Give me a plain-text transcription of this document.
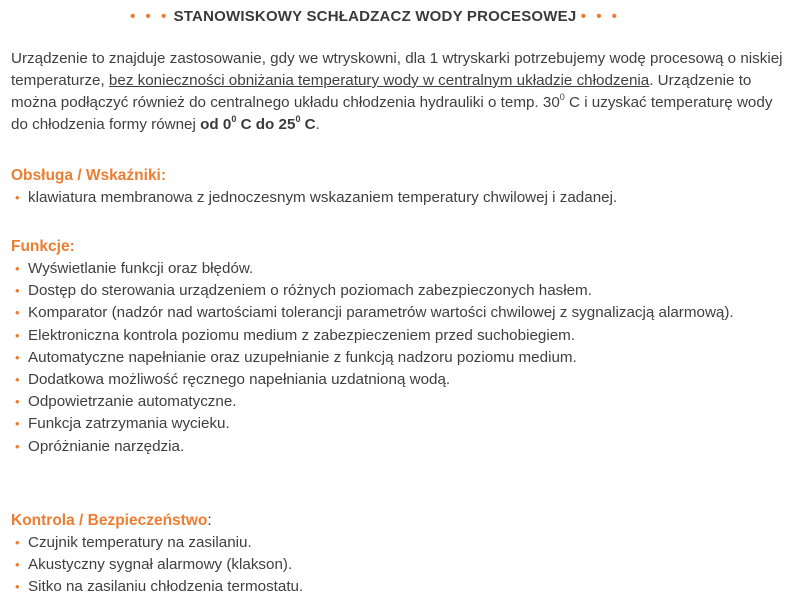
• • • STANOWISKOWY SCHŁADZACZ WODY PROCESOWEJ • • •
Urządzenie to znajduje zastosowanie, gdy we wtryskowni, dla 1 wtryskarki potrzebujemy wodę procesową o niskiej temperaturze, bez konieczności obniżania temperatury wody w centralnym układzie chłodzenia. Urządzenie to można podłączyć również do centralnego układu chłodzenia hydrauliki o temp. $30^0$ C i uzyskać temperaturę wody do chłodzenia formy równej od $0^0$ C do $25^0$ C.
Obsługa / Wskaźniki:
• klawiatura membranowa z jednoczesnym wskazaniem temperatury chwilowej i zadanej.
Funkcje:
• Wyświetlanie funkcji oraz błędów.
• Dostęp do sterowania urządzeniem o różnych poziomach zabezpieczonych hasłem.
• Komparator (nadzór nad wartościami tolerancji parametrów wartości chwilowej z sygnalizacją alarmową).
• Elektroniczna kontrola poziomu medium z zabezpieczeniem przed suchobiegiem.
• Automatyczne napełnianie oraz uzupełnianie z funkcją nadzoru poziomu medium.
• Dodatkowa możliwość ręcznego napełniania uzdatnioną wodą.
• Odpowietrzanie automatyczne.
• Funkcja zatrzymania wycieku.
• Opróżnianie narzędzia.
Kontrola / Bezpieczeństwo:
• Czujnik temperatury na zasilaniu.
• Akustyczny sygnał alarmowy (klakson).
• Sitko na zasilaniu chłodzenia termostatu.
